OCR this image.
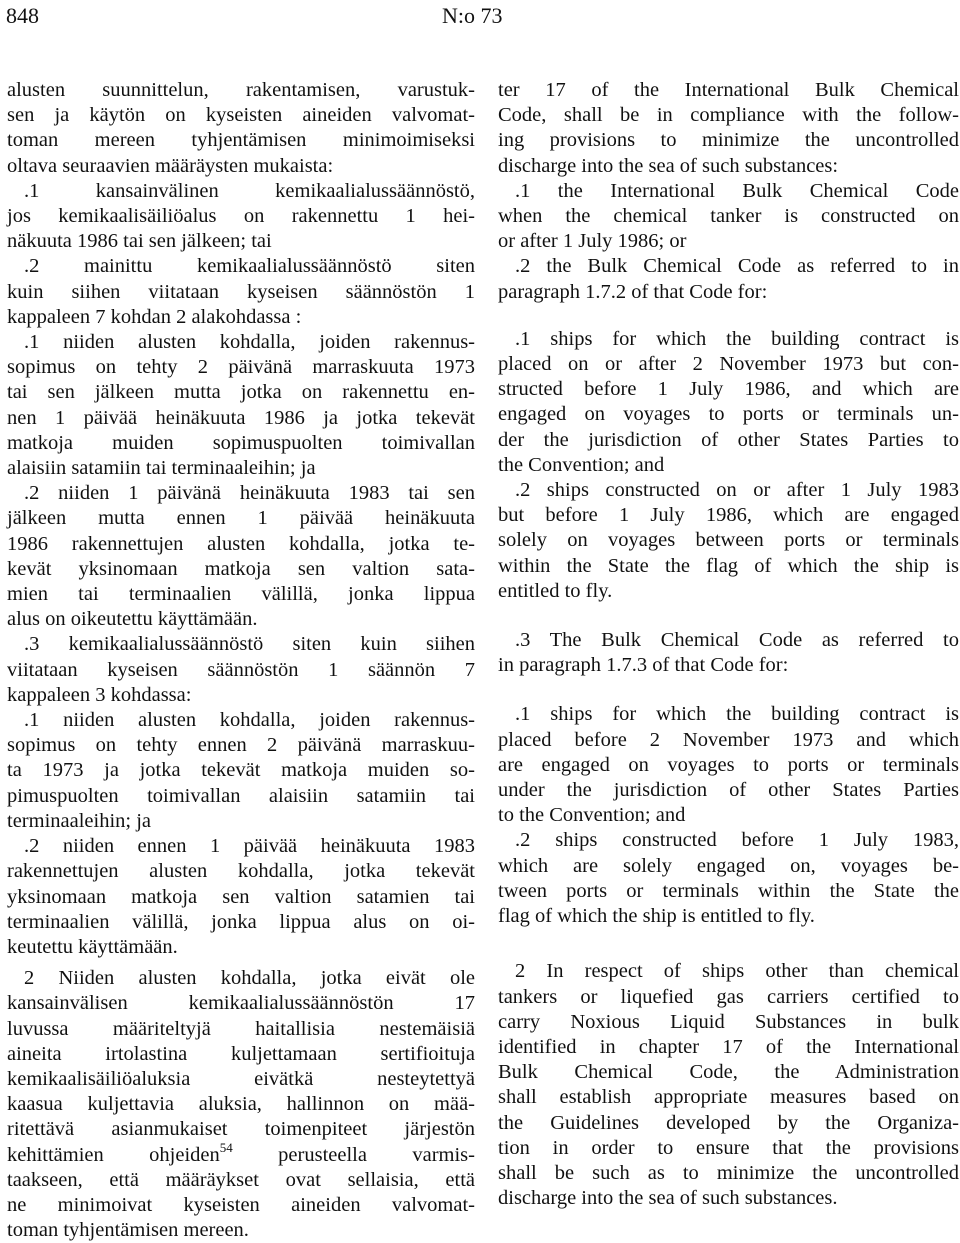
848	N:o 73
alusten suunnittelun, rakentamisen, varustuk-
sen ja käytön on kyseisten aineiden valvomat-
toman mereen tyhjentämisen minimoimiseksi
oltava seuraavien määräysten mukaista:
.1 kansainvälinen kemikaalialussäännöstö,
jos kemikaalisäiliöalus on rakennettu 1 hei-
näkuuta 1986 tai sen jälkeen; tai
.2 mainittu kemikaalialussäännöstö siten
kuin siihen viitataan kyseisen säännöstön 1
kappaleen 7 kohdan 2 alakohdassa :
.1 niiden alusten kohdalla, joiden rakennus-
sopimus on tehty 2 päivänä marraskuuta 1973
tai sen jälkeen mutta jotka on rakennettu en-
nen 1 päivää heinäkuuta 1986 ja jotka tekevät
matkoja muiden sopimuspuolten toimivallan
alaisiin satamiin tai terminaaleihin; ja
.2 niiden 1 päivänä heinäkuuta 1983 tai sen
jälkeen mutta ennen 1 päivää heinäkuuta
1986 rakennettujen alusten kohdalla, jotka te-
kevät yksinomaan matkoja sen valtion sata-
mien tai terminaalien välillä, jonka lippua
alus on oikeutettu käyttämään.
.3 kemikaalialussäännöstö siten kuin siihen
viitataan kyseisen säännöstön 1 säännön 7
kappaleen 3 kohdassa:
.1 niiden alusten kohdalla, joiden rakennus-
sopimus on tehty ennen 2 päivänä marraskuu-
ta 1973 ja jotka tekevät matkoja muiden so-
pimuspuolten toimivallan alaisiin satamiin tai
terminaaleihin; ja
.2 niiden ennen 1 päivää heinäkuuta 1983
rakennettujen alusten kohdalla, jotka tekevät
yksinomaan matkoja sen valtion satamien tai
terminaalien välillä, jonka lippua alus on oi-
keutettu käyttämään.
2 Niiden alusten kohdalla, jotka eivät ole
kansainvälisen kemikaalialussäännöstön 17
luvussa määriteltyjä haitallisia nestemäisiä
aineita irtolastina kuljettamaan sertifioituja
kemikaalisäiliöaluksia eivätkä nesteytettyä
kaasua kuljettavia aluksia, hallinnon on mää-
ritettävä asianmukaiset toimenpiteet järjestön
kehittämien ohjeiden$^{54}$ perusteella varmis-
taakseen, että määräykset ovat sellaisia, että
ne minimoivat kyseisten aineiden valvomat-
toman tyhjentämisen mereen.
ter 17 of the International Bulk Chemical
Code, shall be in compliance with the follow-
ing provisions to minimize the uncontrolled
discharge into the sea of such substances:
.1 the International Bulk Chemical Code
when the chemical tanker is constructed on
or after 1 July 1986; or
.2 the Bulk Chemical Code as referred to in
paragraph 1.7.2 of that Code for:
.1 ships for which the building contract is
placed on or after 2 November 1973 but con-
structed before 1 July 1986, and which are
engaged on voyages to ports or terminals un-
der the jurisdiction of other States Parties to
the Convention; and
.2 ships constructed on or after 1 July 1983
but before 1 July 1986, which are engaged
solely on voyages between ports or terminals
within the State the flag of which the ship is
entitled to fly.
.3 The Bulk Chemical Code as referred to
in paragraph 1.7.3 of that Code for:
.1 ships for which the building contract is
placed before 2 November 1973 and which
are engaged on voyages to ports or terminals
under the jurisdiction of other States Parties
to the Convention; and
.2 ships constructed before 1 July 1983,
which are solely engaged on, voyages be-
tween ports or terminals within the State the
flag of which the ship is entitled to fly.
2 In respect of ships other than chemical
tankers or liquefied gas carriers certified to
carry Noxious Liquid Substances in bulk
identified in chapter 17 of the International
Bulk Chemical Code, the Administration
shall establish appropriate measures based on
the Guidelines developed by the Organiza-
tion in order to ensure that the provisions
shall be such as to minimize the uncontrolled
discharge into the sea of such substances.
